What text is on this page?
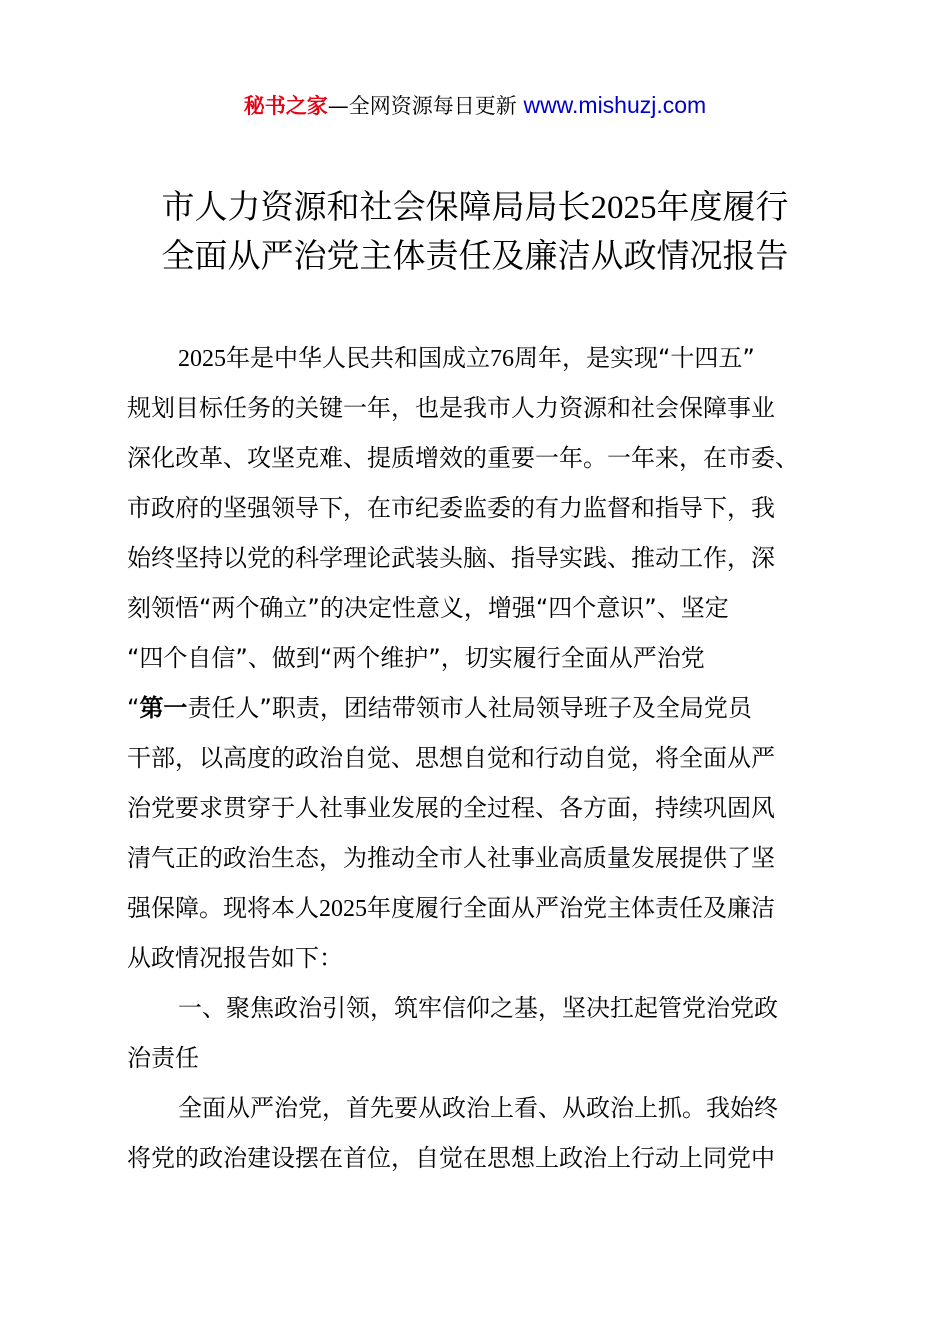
秘书之家—全网资源每日更新 www.mishuzj.com
市人力资源和社会保障局局长2025年度履行
全面从严治党主体责任及廉洁从政情况报告
2025年是中华人民共和国成立76周年，是实现“十四五”
规划目标任务的关键一年，也是我市人力资源和社会保障事业
深化改革、攻坚克难、提质增效的重要一年。一年来，在市委、
市政府的坚强领导下，在市纪委监委的有力监督和指导下，我
始终坚持以党的科学理论武装头脑、指导实践、推动工作，深
刻领悟“两个确立”的决定性意义，增强“四个意识”、坚定
“四个自信”、做到“两个维护”，切实履行全面从严治党
“第一责任人”职责，团结带领市人社局领导班子及全局党员
干部，以高度的政治自觉、思想自觉和行动自觉，将全面从严
治党要求贯穿于人社事业发展的全过程、各方面，持续巩固风
清气正的政治生态，为推动全市人社事业高质量发展提供了坚
强保障。现将本人2025年度履行全面从严治党主体责任及廉洁
从政情况报告如下：
一、聚焦政治引领，筑牢信仰之基，坚决扛起管党治党政
治责任
全面从严治党，首先要从政治上看、从政治上抓。我始终
将党的政治建设摆在首位，自觉在思想上政治上行动上同党中
